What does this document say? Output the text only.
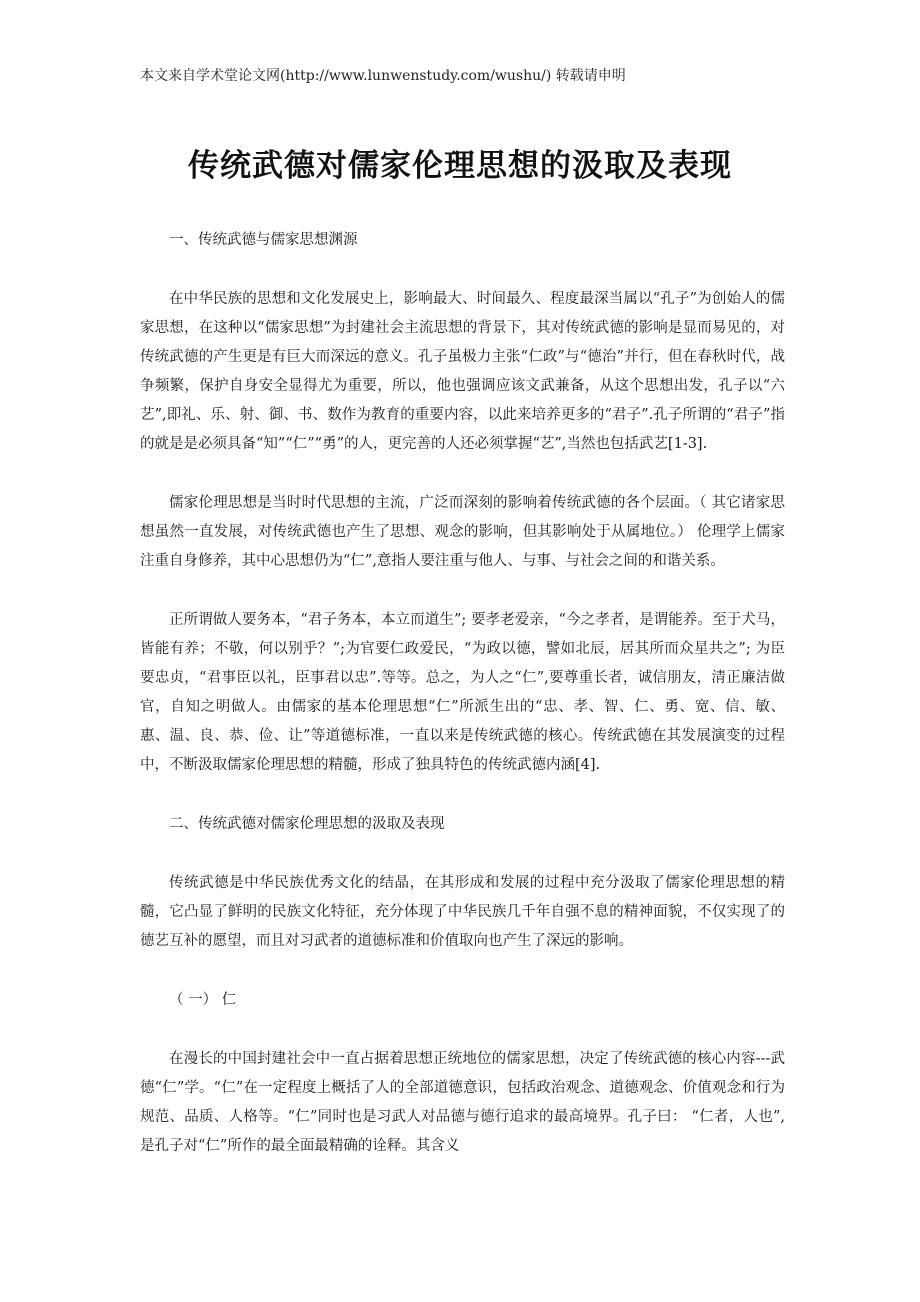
本文来自学术堂论文网(http://www.lunwenstudy.com/wushu/) 转载请申明
传统武德对儒家伦理思想的汲取及表现

一、传统武德与儒家思想渊源

在中华民族的思想和文化发展史上，影响最大、时间最久、程度最深当属以“孔子”为创始人的儒家思想，在这种以“儒家思想”为封建社会主流思想的背景下，其对传统武德的影响是显而易见的，对传统武德的产生更是有巨大而深远的意义。孔子虽极力主张“仁政”与“德治”并行，但在春秋时代，战争频繁，保护自身安全显得尤为重要，所以，他也强调应该文武兼备，从这个思想出发，孔子以“六艺”,即礼、乐、射、御、书、数作为教育的重要内容，以此来培养更多的“君子”.孔子所谓的“君子”指的就是是必须具备“知”“仁”“勇”的人，更完善的人还必须掌握“艺”,当然也包括武艺[1-3].

儒家伦理思想是当时时代思想的主流，广泛而深刻的影响着传统武德的各个层面。（ 其它诸家思想虽然一直发展，对传统武德也产生了思想、观念的影响，但其影响处于从属地位。） 伦理学上儒家注重自身修养，其中心思想仍为“仁”,意指人要注重与他人、与事、与社会之间的和谐关系。

正所谓做人要务本，“君子务本，本立而道生”; 要孝老爱亲，“今之孝者，是谓能养。至于犬马，皆能有养；不敬，何以别乎？”;为官要仁政爱民，“为政以德，譬如北辰，居其所而众星共之”; 为臣要忠贞，“君事臣以礼，臣事君以忠”.等等。总之，为人之“仁”,要尊重长者，诚信朋友，清正廉洁做官，自知之明做人。由儒家的基本伦理思想“仁”所派生出的“忠、孝、智、仁、勇、宽、信、敏、惠、温、良、恭、俭、让”等道德标准，一直以来是传统武德的核心。传统武德在其发展演变的过程中，不断汲取儒家伦理思想的精髓，形成了独具特色的传统武德内涵[4].

二、传统武德对儒家伦理思想的汲取及表现

传统武德是中华民族优秀文化的结晶，在其形成和发展的过程中充分汲取了儒家伦理思想的精髓，它凸显了鲜明的民族文化特征，充分体现了中华民族几千年自强不息的精神面貌，不仅实现了的德艺互补的愿望，而且对习武者的道德标准和价值取向也产生了深远的影响。

（ 一） 仁

在漫长的中国封建社会中一直占据着思想正统地位的儒家思想，决定了传统武德的核心内容---武德“仁”学。“仁”在一定程度上概括了人的全部道德意识，包括政治观念、道德观念、价值观念和行为规范、品质、人格等。“仁”同时也是习武人对品德与德行追求的最高境界。孔子曰： “仁者，人也”,是孔子对“仁”所作的最全面最精确的诠释。其含义
